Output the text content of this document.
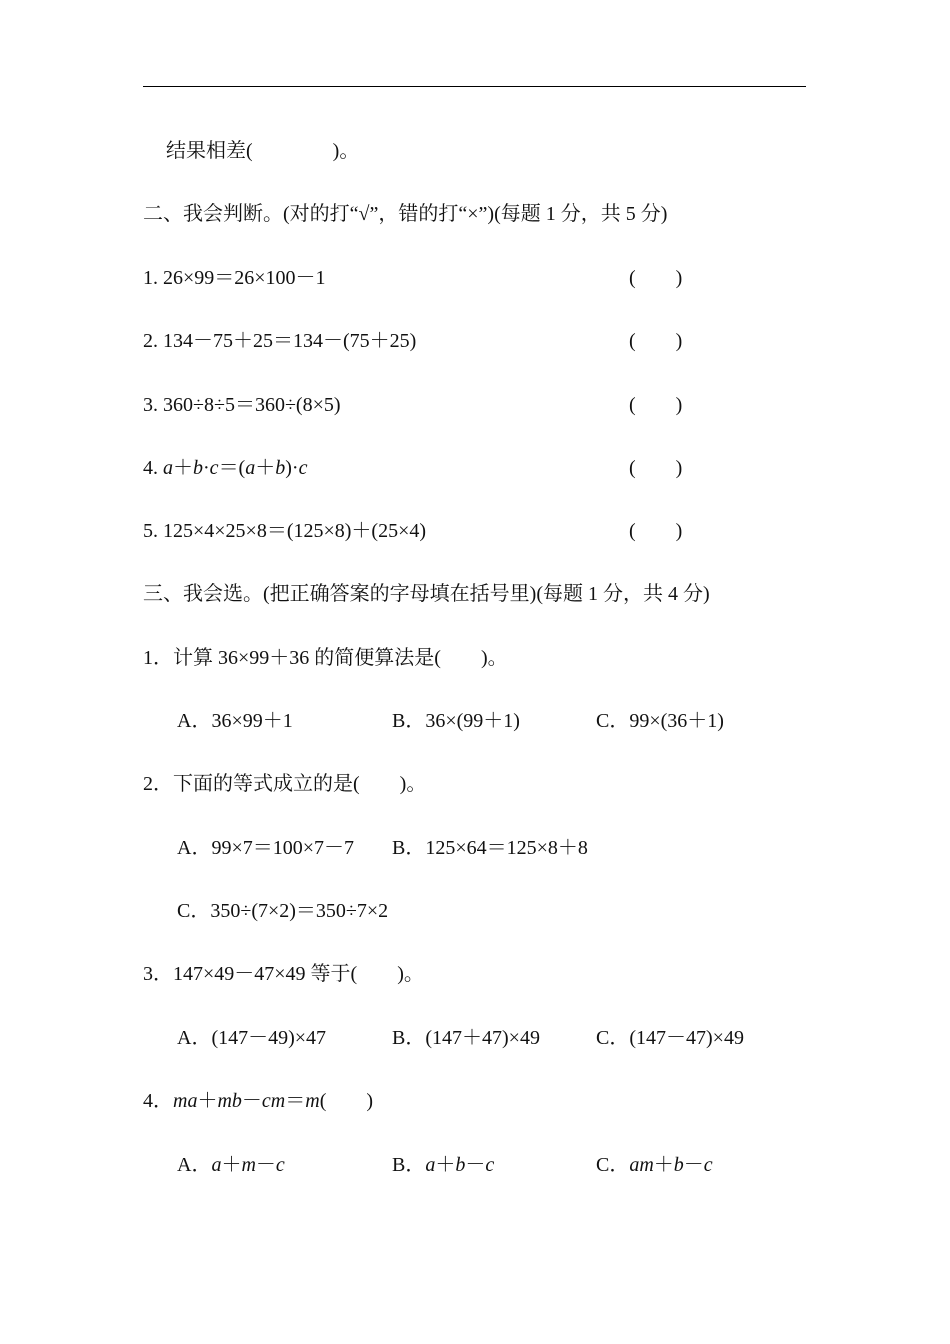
结果相差(　　　　)。
二、我会判断。(对的打“√”，错的打“×”)(每题 1 分，共 5 分)
1. 26×99＝26×100－1	(　　)
2. 134－75＋25＝134－(75＋25)	(　　)
3. 360÷8÷5＝360÷(8×5)	(　　)
4. a＋b·c＝(a＋b)·c	(　　)
5. 125×4×25×8＝(125×8)＋(25×4)	(　　)
三、我会选。(把正确答案的字母填在括号里)(每题 1 分，共 4 分)
1．计算 36×99＋36 的简便算法是(　　)。
A．36×99＋1	B．36×(99＋1)	C．99×(36＋1)
2．下面的等式成立的是(　　)。
A．99×7＝100×7－7 B．125×64＝125×8＋8
C．350÷(7×2)＝350÷7×2
3．147×49－47×49 等于(　　)。
A．(147－49)×47	B．(147＋47)×49	C．(147－47)×49
4．ma＋mb－cm＝m(　　)
A．a＋m－c	B．a＋b－c	C．am＋b－c
